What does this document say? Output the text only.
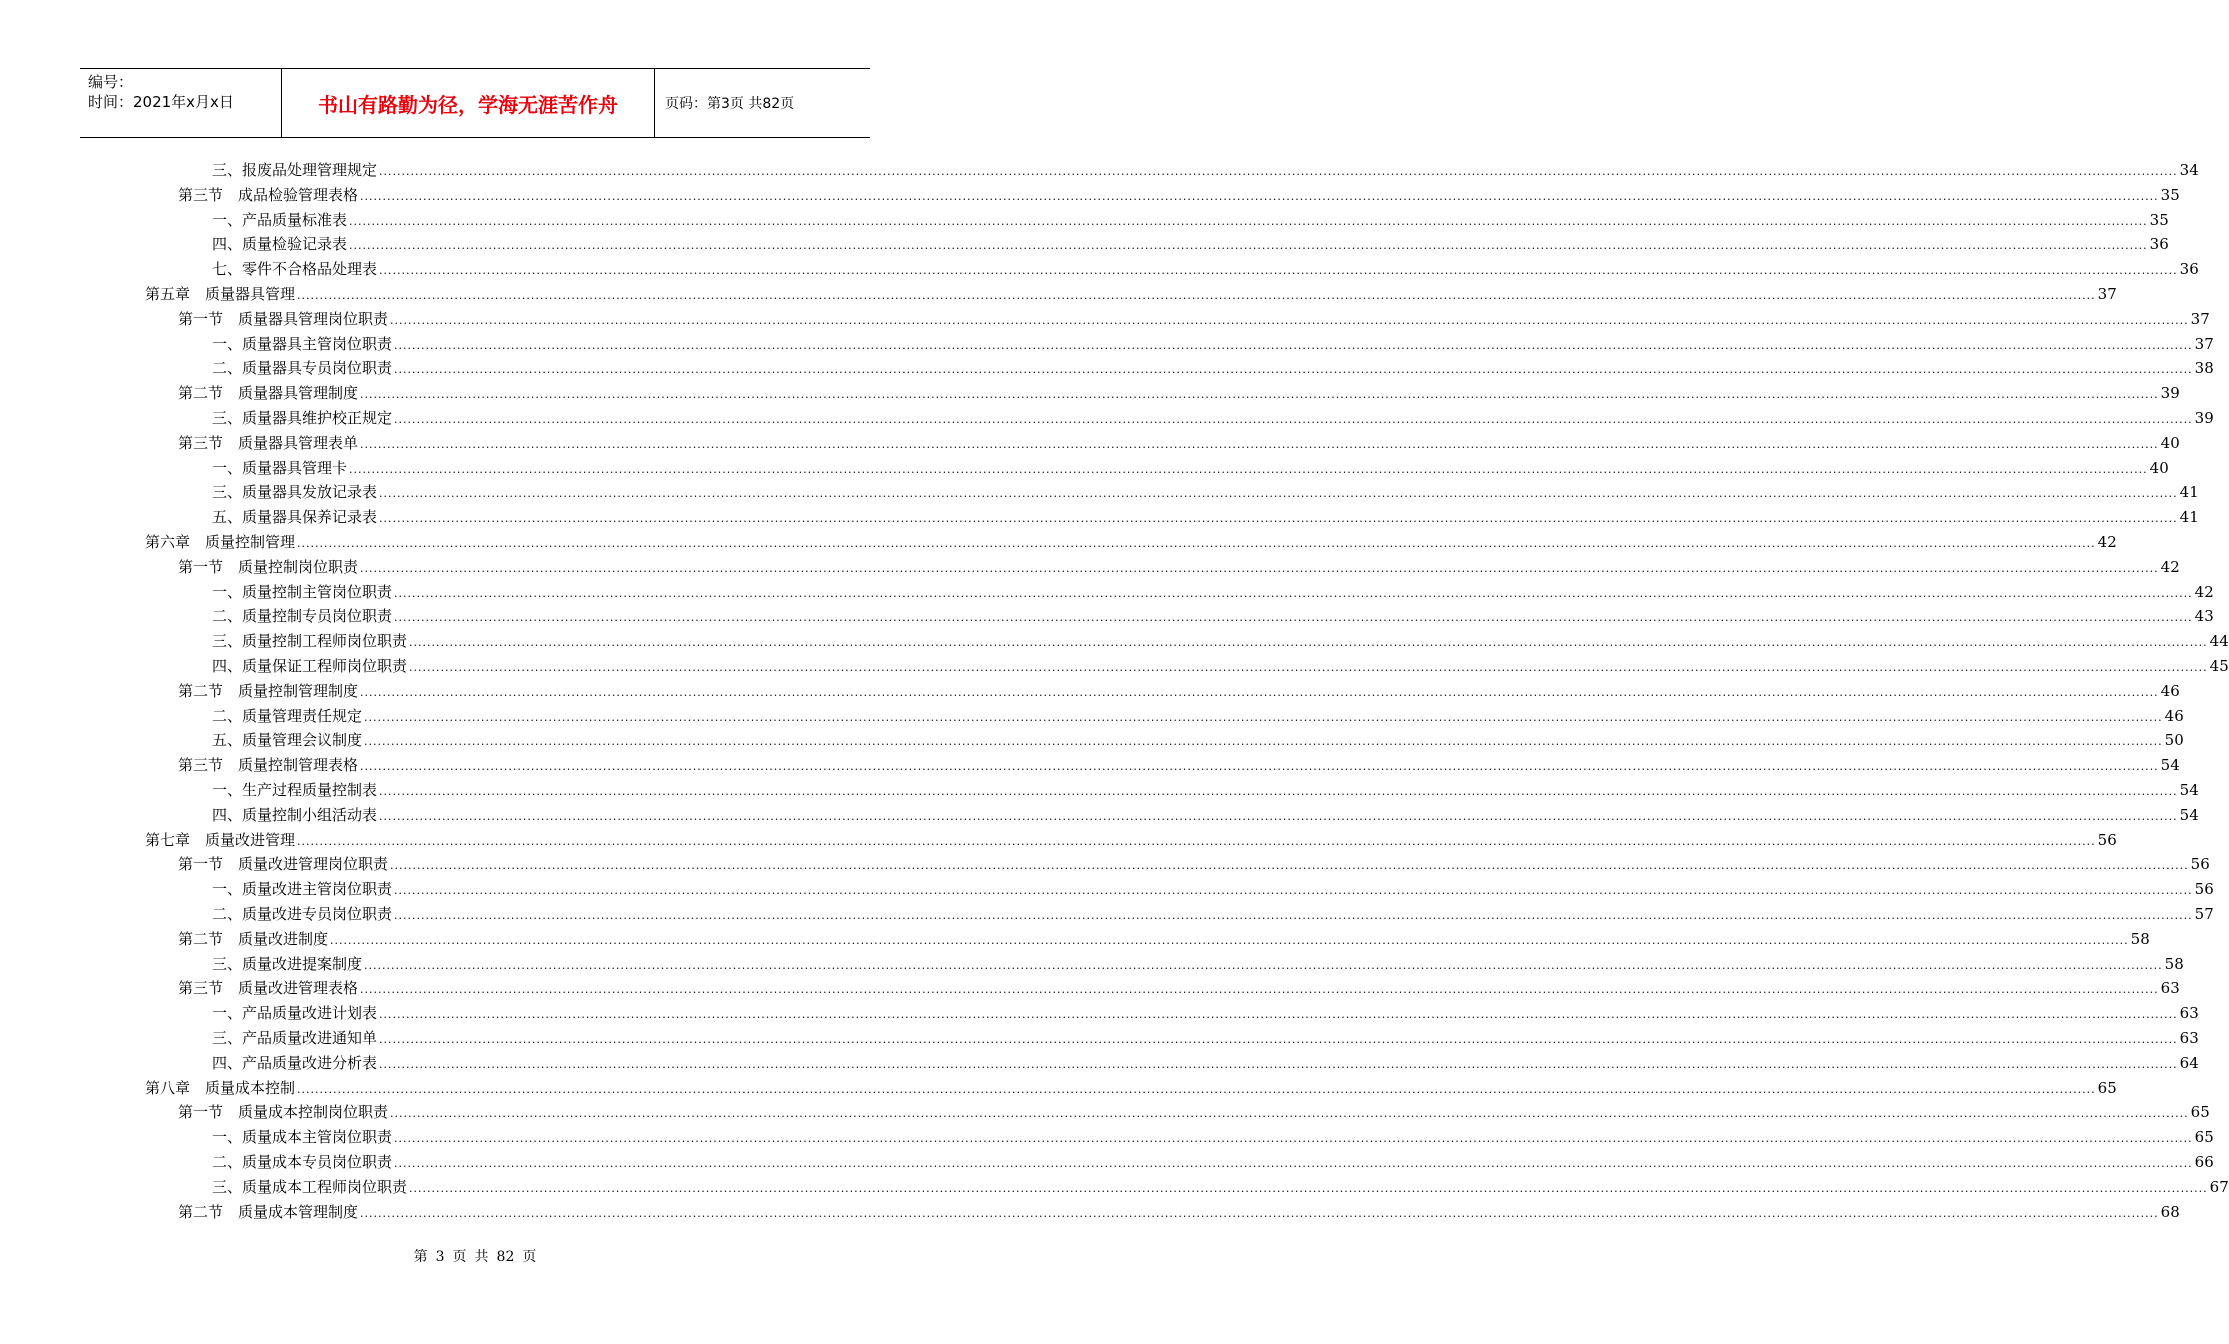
编号：
时间：2021年x月x日	书山有路勤为径，学海无涯苦作舟	页码：第3页 共82页
三、报废品处理管理规定 ................................................................................................................................................................................................................................................................................................................................................................................................................ 34
第三节　成品检验管理表格 ................................................................................................................................................................................................................................................................................................................................................................................................................ 35
一、产品质量标准表 ................................................................................................................................................................................................................................................................................................................................................................................................................ 35
四、质量检验记录表 ................................................................................................................................................................................................................................................................................................................................................................................................................ 36
七、零件不合格品处理表 ................................................................................................................................................................................................................................................................................................................................................................................................................ 36
第五章　质量器具管理 ................................................................................................................................................................................................................................................................................................................................................................................................................ 37
第一节　质量器具管理岗位职责 ................................................................................................................................................................................................................................................................................................................................................................................................................ 37
一、质量器具主管岗位职责 ................................................................................................................................................................................................................................................................................................................................................................................................................ 37
二、质量器具专员岗位职责 ................................................................................................................................................................................................................................................................................................................................................................................................................ 38
第二节　质量器具管理制度 ................................................................................................................................................................................................................................................................................................................................................................................................................ 39
三、质量器具维护校正规定 ................................................................................................................................................................................................................................................................................................................................................................................................................ 39
第三节　质量器具管理表单 ................................................................................................................................................................................................................................................................................................................................................................................................................ 40
一、质量器具管理卡 ................................................................................................................................................................................................................................................................................................................................................................................................................ 40
三、质量器具发放记录表 ................................................................................................................................................................................................................................................................................................................................................................................................................ 41
五、质量器具保养记录表 ................................................................................................................................................................................................................................................................................................................................................................................................................ 41
第六章　质量控制管理 ................................................................................................................................................................................................................................................................................................................................................................................................................ 42
第一节　质量控制岗位职责 ................................................................................................................................................................................................................................................................................................................................................................................................................ 42
一、质量控制主管岗位职责 ................................................................................................................................................................................................................................................................................................................................................................................................................ 42
二、质量控制专员岗位职责 ................................................................................................................................................................................................................................................................................................................................................................................................................ 43
三、质量控制工程师岗位职责 ................................................................................................................................................................................................................................................................................................................................................................................................................ 44
四、质量保证工程师岗位职责 ................................................................................................................................................................................................................................................................................................................................................................................................................ 45
第二节　质量控制管理制度 ................................................................................................................................................................................................................................................................................................................................................................................................................ 46
二、质量管理责任规定 ................................................................................................................................................................................................................................................................................................................................................................................................................ 46
五、质量管理会议制度 ................................................................................................................................................................................................................................................................................................................................................................................................................ 50
第三节　质量控制管理表格 ................................................................................................................................................................................................................................................................................................................................................................................................................ 54
一、生产过程质量控制表 ................................................................................................................................................................................................................................................................................................................................................................................................................ 54
四、质量控制小组活动表 ................................................................................................................................................................................................................................................................................................................................................................................................................ 54
第七章　质量改进管理 ................................................................................................................................................................................................................................................................................................................................................................................................................ 56
第一节　质量改进管理岗位职责 ................................................................................................................................................................................................................................................................................................................................................................................................................ 56
一、质量改进主管岗位职责 ................................................................................................................................................................................................................................................................................................................................................................................................................ 56
二、质量改进专员岗位职责 ................................................................................................................................................................................................................................................................................................................................................................................................................ 57
第二节　质量改进制度 ................................................................................................................................................................................................................................................................................................................................................................................................................ 58
三、质量改进提案制度 ................................................................................................................................................................................................................................................................................................................................................................................................................ 58
第三节　质量改进管理表格 ................................................................................................................................................................................................................................................................................................................................................................................................................ 63
一、产品质量改进计划表 ................................................................................................................................................................................................................................................................................................................................................................................................................ 63
三、产品质量改进通知单 ................................................................................................................................................................................................................................................................................................................................................................................................................ 63
四、产品质量改进分析表 ................................................................................................................................................................................................................................................................................................................................................................................................................ 64
第八章　质量成本控制 ................................................................................................................................................................................................................................................................................................................................................................................................................ 65
第一节　质量成本控制岗位职责 ................................................................................................................................................................................................................................................................................................................................................................................................................ 65
一、质量成本主管岗位职责 ................................................................................................................................................................................................................................................................................................................................................................................................................ 65
二、质量成本专员岗位职责 ................................................................................................................................................................................................................................................................................................................................................................................................................ 66
三、质量成本工程师岗位职责 ................................................................................................................................................................................................................................................................................................................................................................................................................ 67
第二节　质量成本管理制度 ................................................................................................................................................................................................................................................................................................................................................................................................................ 68
第 3 页 共 82 页
